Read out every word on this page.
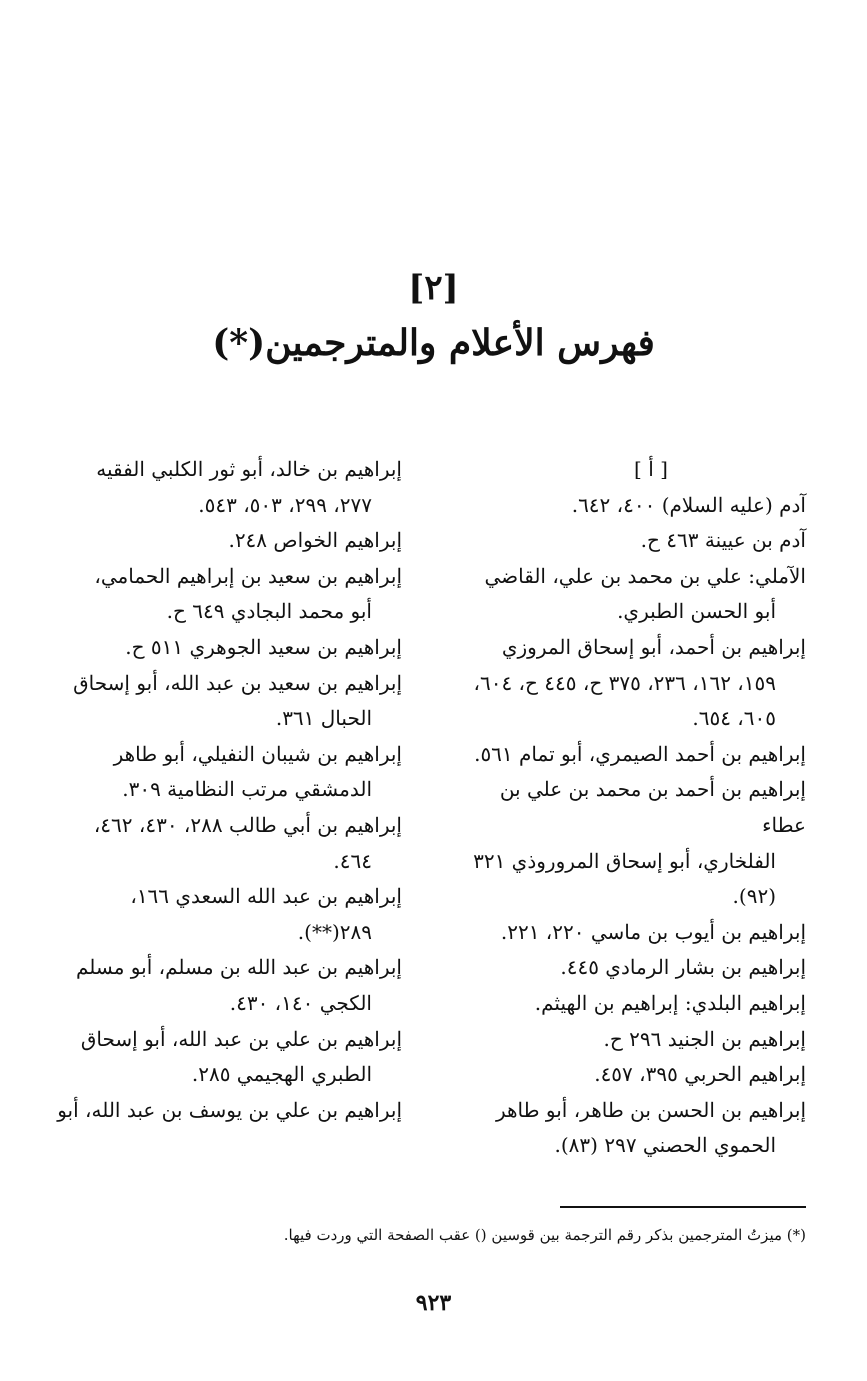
[٢]
فهرس الأعلام والمترجمين(*)
[ أ ]
آدم (عليه السلام) ٤٠٠، ٦٤٢.
آدم بن عيينة ٤٦٣ ح.
الآملي: علي بن محمد بن علي، القاضي
أبو الحسن الطبري.
إبراهيم بن أحمد، أبو إسحاق المروزي
١٥٩، ١٦٢، ٢٣٦، ٣٧٥ ح، ٤٤٥ ح، ٦٠٤، ٦٠٥، ٦٥٤.
إبراهيم بن أحمد الصيمري، أبو تمام ٥٦١.
إبراهيم بن أحمد بن محمد بن علي بن عطاء
الفلخاري، أبو إسحاق المروروذي ٣٢١ (٩٢).
إبراهيم بن أيوب بن ماسي ٢٢٠، ٢٢١.
إبراهيم بن بشار الرمادي ٤٤٥.
إبراهيم البلدي: إبراهيم بن الهيثم.
إبراهيم بن الجنيد ٢٩٦ ح.
إبراهيم الحربي ٣٩٥، ٤٥٧.
إبراهيم بن الحسن بن طاهر، أبو طاهر
الحموي الحصني ٢٩٧ (٨٣).
إبراهيم بن خالد، أبو ثور الكلبي الفقيه
٢٧٧، ٢٩٩، ٥٠٣، ٥٤٣.
إبراهيم الخواص ٢٤٨.
إبراهيم بن سعيد بن إبراهيم الحمامي،
أبو محمد البجادي ٦٤٩ ح.
إبراهيم بن سعيد الجوهري ٥١١ ح.
إبراهيم بن سعيد بن عبد الله، أبو إسحاق
الحبال ٣٦١.
إبراهيم بن شيبان النفيلي، أبو طاهر
الدمشقي مرتب النظامية ٣٠٩.
إبراهيم بن أبي طالب ٢٨٨، ٤٣٠، ٤٦٢،
٤٦٤.
إبراهيم بن عبد الله السعدي ١٦٦،
٢٨٩(**).
إبراهيم بن عبد الله بن مسلم، أبو مسلم
الكجي ١٤٠، ٤٣٠.
إبراهيم بن علي بن عبد الله، أبو إسحاق
الطبري الهجيمي ٢٨٥.
إبراهيم بن علي بن يوسف بن عبد الله، أبو
(*) ميزتُ المترجمين بذكر رقم الترجمة بين قوسين () عقب الصفحة التي وردت فيها.
٩٢٣
